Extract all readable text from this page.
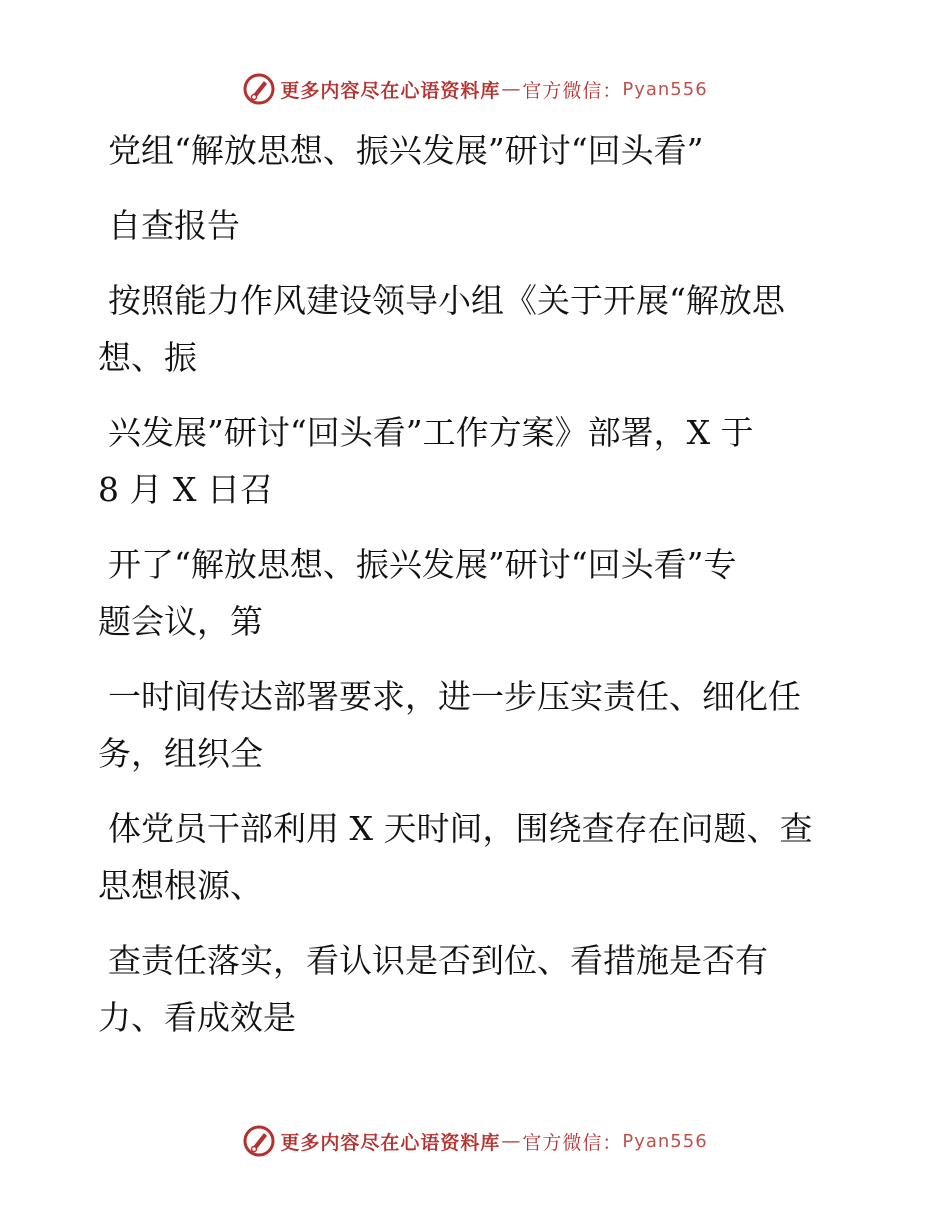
更多内容尽在心语资料库 — 官方微信： Pyan556
党组“解放思想、振兴发展”研讨“回头看”
自查报告
按照能力作风建设领导小组《关于开展“解放思
想、振
兴发展”研讨“回头看”工作方案》部署，X 于
8 月 X 日召
开了“解放思想、振兴发展”研讨“回头看”专
题会议，第
一时间传达部署要求，进一步压实责任、细化任
务，组织全
体党员干部利用 X 天时间，围绕查存在问题、查
思想根源、
查责任落实，看认识是否到位、看措施是否有
力、看成效是
更多内容尽在心语资料库 — 官方微信： Pyan556
